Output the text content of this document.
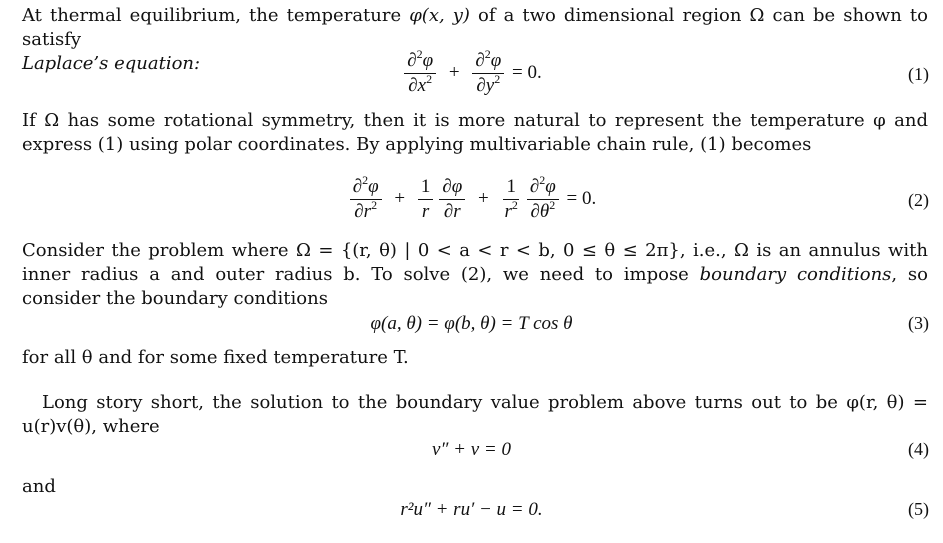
At thermal equilibrium, the temperature φ(x, y) of a two dimensional region Ω can be shown to satisfy
Laplace’s equation:	$\frac{\partial^2\varphi}{\partial x^2} + \frac{\partial^2\varphi}{\partial y^2} = 0$.	(1)
If Ω has some rotational symmetry, then it is more natural to represent the temperature φ and express (1) using polar coordinates. By applying multivariable chain rule, (1) becomes
$\frac{\partial^2\varphi}{\partial r^2} + \frac{1}{r} \frac{\partial\varphi}{\partial r} + \frac{1}{r^2} \frac{\partial^2\varphi}{\partial\theta^2} = 0$.	(2)
Consider the problem where Ω = {(r, θ) | 0 < a < r < b, 0 ≤ θ ≤ 2π}, i.e., Ω is an annulus with inner radius a and outer radius b. To solve (2), we need to impose boundary conditions, so consider the boundary conditions
φ(a, θ) = φ(b, θ) = T cos θ	(3)
for all θ and for some fixed temperature T.
Long story short, the solution to the boundary value problem above turns out to be φ(r, θ) = u(r)v(θ), where
v″ + v = 0	(4)
and
r²u″ + ru′ − u = 0.	(5)
